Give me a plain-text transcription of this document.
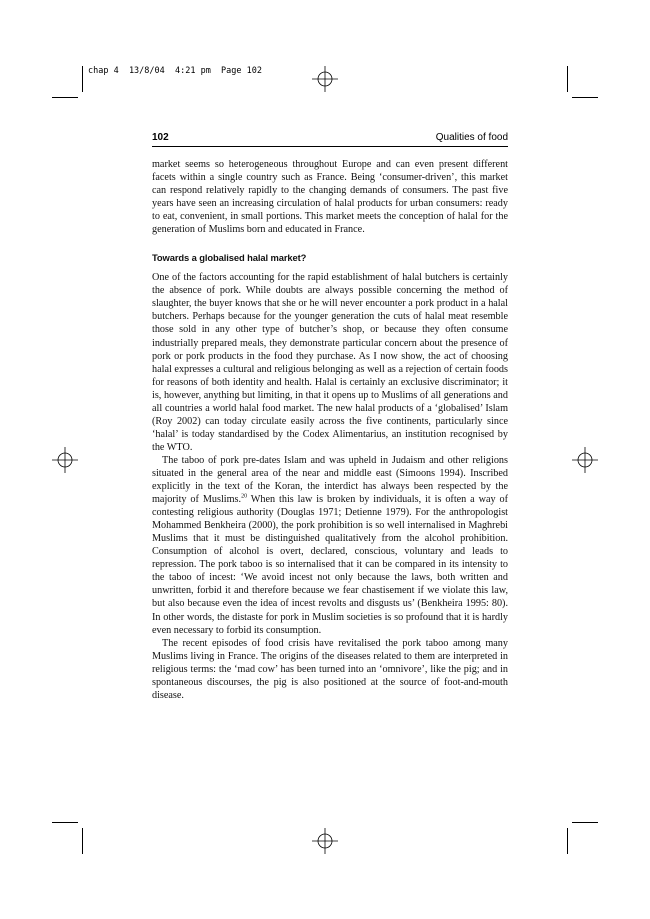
chap 4  13/8/04  4:21 pm  Page 102
102	Qualities of food

market seems so heterogeneous throughout Europe and can even present different facets within a single country such as France. Being ‘consumer-driven’, this market can respond relatively rapidly to the changing demands of consumers. The past five years have seen an increasing circulation of halal products for urban consumers: ready to eat, convenient, in small portions. This market meets the conception of halal for the generation of Muslims born and educated in France.

Towards a globalised halal market?

One of the factors accounting for the rapid establishment of halal butchers is certainly the absence of pork. While doubts are always possible concerning the method of slaughter, the buyer knows that she or he will never encounter a pork product in a halal butchers. Perhaps because for the younger generation the cuts of halal meat resemble those sold in any other type of butcher’s shop, or because they often consume industrially prepared meals, they demonstrate particular concern about the presence of pork or pork products in the food they purchase. As I now show, the act of choosing halal expresses a cultural and religious belonging as well as a rejection of certain foods for reasons of both identity and health. Halal is certainly an exclusive discriminator; it is, however, anything but limiting, in that it opens up to Muslims of all generations and all countries a world halal food market. The new halal products of a ‘globalised’ Islam (Roy 2002) can today circulate easily across the five continents, particularly since ‘halal’ is today standardised by the Codex Alimentarius, an institution recognised by the WTO.

The taboo of pork pre-dates Islam and was upheld in Judaism and other religions situated in the general area of the near and middle east (Simoons 1994). Inscribed explicitly in the text of the Koran, the interdict has always been respected by the majority of Muslims.$^{20}$ When this law is broken by individuals, it is often a way of contesting religious authority (Douglas 1971; Detienne 1979). For the anthropologist Mohammed Benkheira (2000), the pork prohibition is so well internalised in Maghrebi Muslims that it must be distinguished qualitatively from the alcohol prohibition. Consumption of alcohol is overt, declared, conscious, voluntary and leads to repression. The pork taboo is so internalised that it can be compared in its intensity to the taboo of incest: ‘We avoid incest not only because the laws, both written and unwritten, forbid it and therefore because we fear chastisement if we violate this law, but also because even the idea of incest revolts and disgusts us’ (Benkheira 1995: 80). In other words, the distaste for pork in Muslim societies is so profound that it is hardly even necessary to forbid its consumption.

The recent episodes of food crisis have revitalised the pork taboo among many Muslims living in France. The origins of the diseases related to them are interpreted in religious terms: the ‘mad cow’ has been turned into an ‘omnivore’, like the pig; and in spontaneous discourses, the pig is also positioned at the source of foot-and-mouth disease.
